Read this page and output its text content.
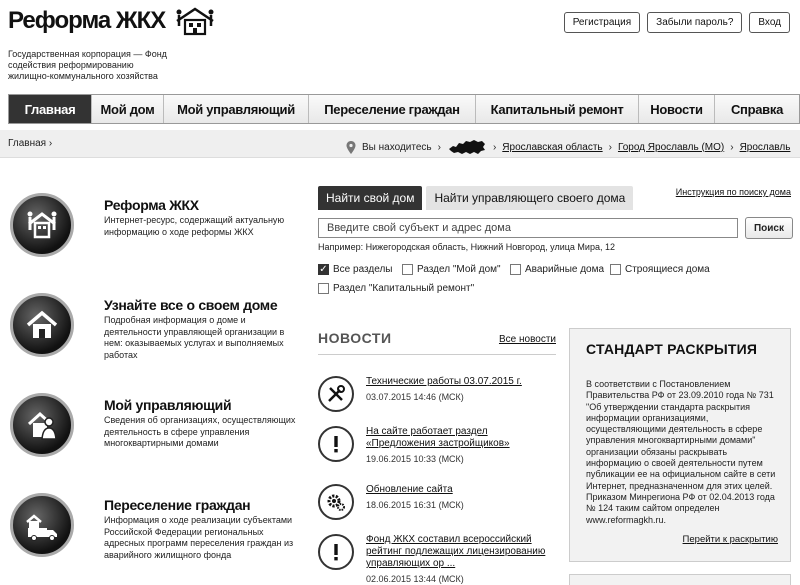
Реформа ЖКХ
Государственная корпорация — Фонд содействия реформированию жилищно-коммунального хозяйства
Регистрация	Забыли пароль?	Вход
Главная	Мой дом	Мой управляющий	Переселение граждан	Капитальный ремонт	Новости	Справка
Главная ›	Вы находитесь ›	› Ярославская область › Город Ярославль (МО) › Ярославль
Реформа ЖКХ
Интернет-ресурс, содержащий актуальную информацию о ходе реформы ЖКХ
Узнайте все о своем доме
Подробная информация о доме и деятельности управляющей организации в нем: оказываемых услугах и выполняемых работах
Мой управляющий
Сведения об организациях, осуществляющих деятельность в сфере управления многоквартирными домами
Переселение граждан
Информация о ходе реализации субъектами Российской Федерации региональных адресных программ переселения граждан из аварийного жилищного фонда
Найти свой дом	Найти управляющего своего дома	Инструкция по поиску дома
Введите свой субъект и адрес дома	Поиск
Например: Нижегородская область, Нижний Новгород, улица Мира, 12
✓ Все разделы Раздел "Мой дом" Аварийные дома Строящиеся дома
Раздел "Капитальный ремонт"
НОВОСТИ	Все новости
Технические работы 03.07.2015 г.
03.07.2015 14:46 (МСК)
На сайте работает раздел «Предложения застройщиков»
19.06.2015 10:33 (МСК)
Обновление сайта
18.06.2015 16:31 (МСК)
Фонд ЖКХ составил всероссийский рейтинг подлежащих лицензированию управляющих ор ...
02.06.2015 13:44 (МСК)
СТАНДАРТ РАСКРЫТИЯ
В соответствии с Постановлением Правительства РФ от 23.09.2010 года № 731 "Об утверждении стандарта раскрытия информации организациями, осуществляющими деятельность в сфере управления многоквартирными домами" организации обязаны раскрывать информацию о своей деятельности путем публикации ее на официальном сайте в сети Интернет, предназначенном для этих целей. Приказом Минрегиона РФ от 02.04.2013 года № 124 таким сайтом определен www.reformagkh.ru.
Перейти к раскрытию
